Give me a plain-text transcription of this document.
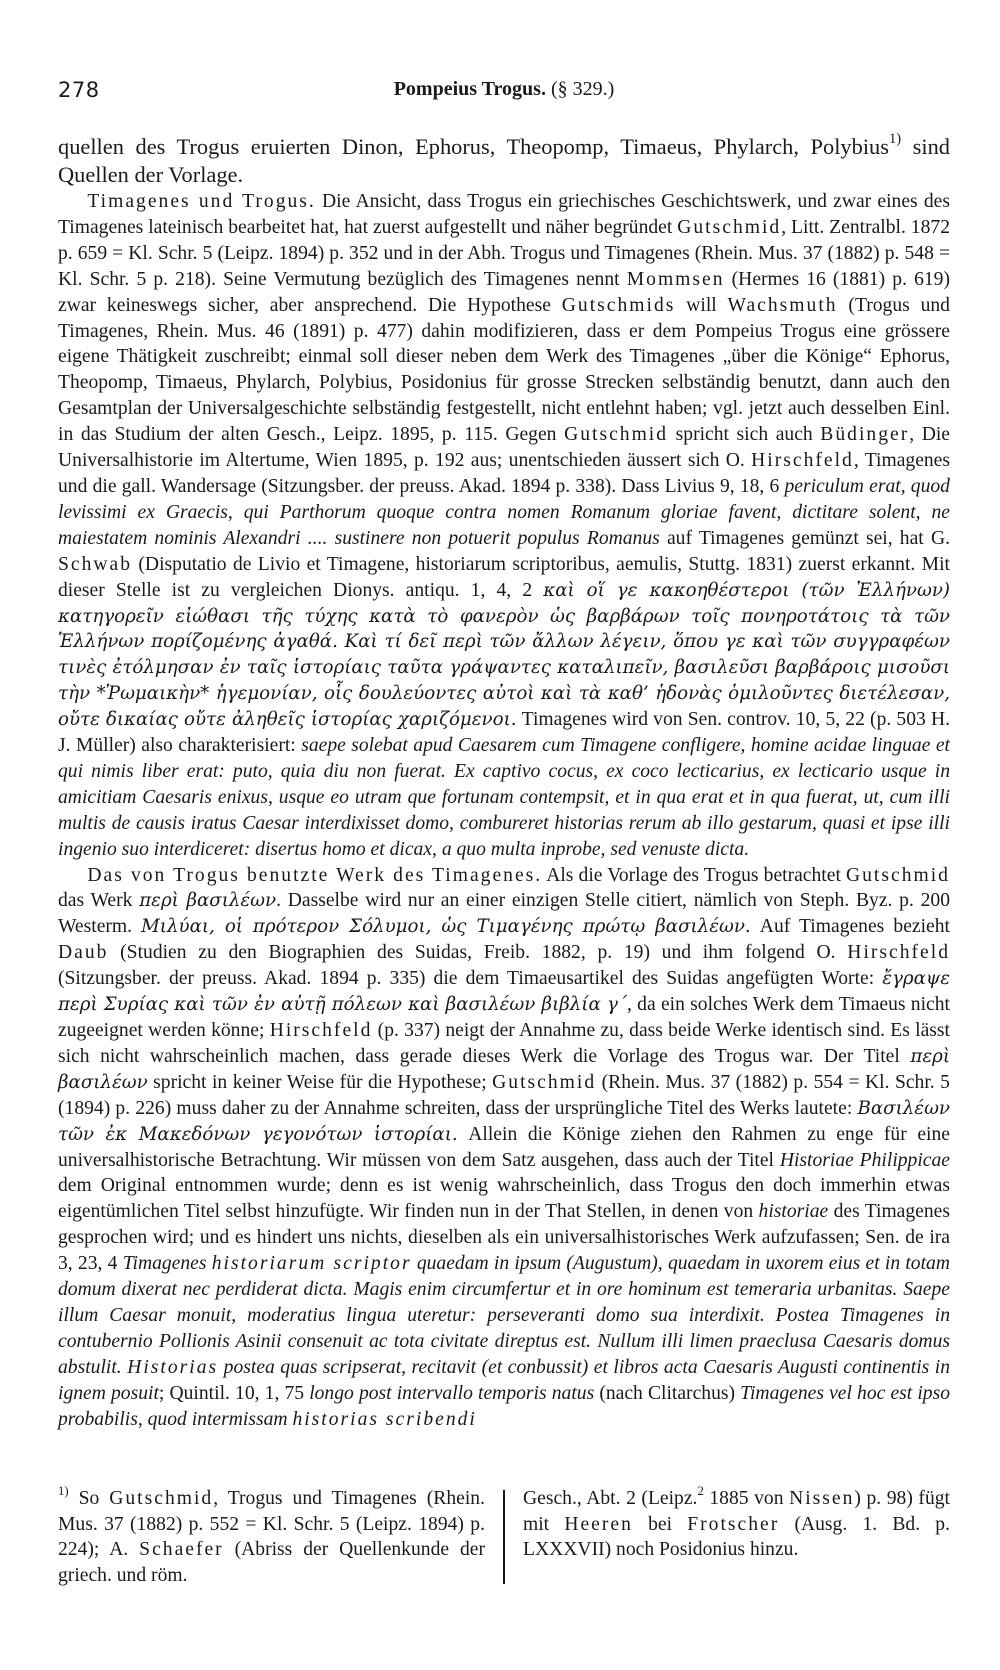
278	Pompeius Trogus. (§ 329.)

quellen des Trogus eruierten Dinon, Ephorus, Theopomp, Timaeus, Phylarch, Polybius$^{1)}$ sind Quellen der Vorlage.

Timagenes und Trogus. Die Ansicht, dass Trogus ein griechisches Geschichtswerk, und zwar eines des Timagenes lateinisch bearbeitet hat, hat zuerst aufgestellt und näher begründet Gutschmid, Litt. Zentralbl. 1872 p. 659 = Kl. Schr. 5 (Leipz. 1894) p. 352 und in der Abh. Trogus und Timagenes (Rhein. Mus. 37 (1882) p. 548 = Kl. Schr. 5 p. 218). Seine Vermutung bezüglich des Timagenes nennt Mommsen (Hermes 16 (1881) p. 619) zwar keineswegs sicher, aber ansprechend. Die Hypothese Gutschmids will Wachsmuth (Trogus und Timagenes, Rhein. Mus. 46 (1891) p. 477) dahin modifizieren, dass er dem Pompeius Trogus eine grössere eigene Thätigkeit zuschreibt; einmal soll dieser neben dem Werk des Timagenes „über die Könige“ Ephorus, Theopomp, Timaeus, Phylarch, Polybius, Posidonius für grosse Strecken selbständig benutzt, dann auch den Gesamtplan der Universalgeschichte selbständig festgestellt, nicht entlehnt haben; vgl. jetzt auch desselben Einl. in das Studium der alten Gesch., Leipz. 1895, p. 115. Gegen Gutschmid spricht sich auch Büdinger, Die Universalhistorie im Altertume, Wien 1895, p. 192 aus; unentschieden äussert sich O. Hirschfeld, Timagenes und die gall. Wandersage (Sitzungsber. der preuss. Akad. 1894 p. 338). Dass Livius 9, 18, 6 periculum erat, quod levissimi ex Graecis, qui Parthorum quoque contra nomen Romanum gloriae favent, dictitare solent, ne maiestatem nominis Alexandri .... sustinere non potuerit populus Romanus auf Timagenes gemünzt sei, hat G. Schwab (Disputatio de Livio et Timagene, historiarum scriptoribus, aemulis, Stuttg. 1831) zuerst erkannt. Mit dieser Stelle ist zu vergleichen Dionys. antiqu. 1, 4, 2 καὶ οἵ γε κακοηθέστεροι (τῶν Ἑλλήνων) κατηγορεῖν εἰώθασι τῆς τύχης κατὰ τὸ φανερὸν ὡς βαρβάρων τοῖς πονηροτάτοις τὰ τῶν Ἑλλήνων πορίζομένης ἀγαθά. Καὶ τί δεῖ περὶ τῶν ἄλλων λέγειν, ὅπου γε καὶ τῶν συγγραφέων τινὲς ἐτόλμησαν ἐν ταῖς ἱστορίαις ταῦτα γράψαντες καταλιπεῖν, βασιλεῦσι βαρβάροις μισοῦσι τὴν *Ῥωμαικὴν* ἡγεμονίαν, οἷς δουλεύοντες αὐτοὶ καὶ τὰ καθ’ ἡδονὰς ὁμιλοῦντες διετέλεσαν, οὔτε δικαίας οὔτε ἀληθεῖς ἱστορίας χαριζόμενοι. Timagenes wird von Sen. controv. 10, 5, 22 (p. 503 H. J. Müller) also charakterisiert: saepe solebat apud Caesarem cum Timagene confligere, homine acidae linguae et qui nimis liber erat: puto, quia diu non fuerat. Ex captivo cocus, ex coco lecticarius, ex lecticario usque in amicitiam Caesaris enixus, usque eo utram que fortunam contempsit, et in qua erat et in qua fuerat, ut, cum illi multis de causis iratus Caesar interdixisset domo, combureret historias rerum ab illo gestarum, quasi et ipse illi ingenio suo interdiceret: disertus homo et dicax, a quo multa inprobe, sed venuste dicta.

Das von Trogus benutzte Werk des Timagenes. Als die Vorlage des Trogus betrachtet Gutschmid das Werk περὶ βασιλέων. Dasselbe wird nur an einer einzigen Stelle citiert, nämlich von Steph. Byz. p. 200 Westerm. Μιλύαι, οἱ πρότερον Σόλυμοι, ὡς Τιμαγένης πρώτῳ βασιλέων. Auf Timagenes bezieht Daub (Studien zu den Biographien des Suidas, Freib. 1882, p. 19) und ihm folgend O. Hirschfeld (Sitzungsber. der preuss. Akad. 1894 p. 335) die dem Timaeusartikel des Suidas angefügten Worte: ἔγραψε περὶ Συρίας καὶ τῶν ἐν αὐτῇ πόλεων καὶ βασιλέων βιβλία γ΄, da ein solches Werk dem Timaeus nicht zugeeignet werden könne; Hirschfeld (p. 337) neigt der Annahme zu, dass beide Werke identisch sind. Es lässt sich nicht wahrscheinlich machen, dass gerade dieses Werk die Vorlage des Trogus war. Der Titel περὶ βασιλέων spricht in keiner Weise für die Hypothese; Gutschmid (Rhein. Mus. 37 (1882) p. 554 = Kl. Schr. 5 (1894) p. 226) muss daher zu der Annahme schreiten, dass der ursprüngliche Titel des Werks lautete: Βασιλέων τῶν ἐκ Μακεδόνων γεγονότων ἱστορίαι. Allein die Könige ziehen den Rahmen zu enge für eine universalhistorische Betrachtung. Wir müssen von dem Satz ausgehen, dass auch der Titel Historiae Philippicae dem Original entnommen wurde; denn es ist wenig wahrscheinlich, dass Trogus den doch immerhin etwas eigentümlichen Titel selbst hinzufügte. Wir finden nun in der That Stellen, in denen von historiae des Timagenes gesprochen wird; und es hindert uns nichts, dieselben als ein universalhistorisches Werk aufzufassen; Sen. de ira 3, 23, 4 Timagenes historiarum scriptor quaedam in ipsum (Augustum), quaedam in uxorem eius et in totam domum dixerat nec perdiderat dicta. Magis enim circumfertur et in ore hominum est temeraria urbanitas. Saepe illum Caesar monuit, moderatius lingua uteretur: perseveranti domo sua interdixit. Postea Timagenes in contubernio Pollionis Asinii consenuit ac tota civitate direptus est. Nullum illi limen praeclusa Caesaris domus abstulit. Historias postea quas scripserat, recitavit (et conbussit) et libros acta Caesaris Augusti continentis in ignem posuit; Quintil. 10, 1, 75 longo post intervallo temporis natus (nach Clitarchus) Timagenes vel hoc est ipso probabilis, quod intermissam historias scribendi

$^{1)}$ So Gutschmid, Trogus und Timagenes (Rhein. Mus. 37 (1882) p. 552 = Kl. Schr. 5 (Leipz. 1894) p. 224); A. Schaefer (Abriss der Quellenkunde der griech. und röm.
Gesch., Abt. 2 (Leipz.$^2$ 1885 von Nissen) p. 98) fügt mit Heeren bei Frotscher (Ausg. 1. Bd. p. LXXXVII) noch Posidonius hinzu.
